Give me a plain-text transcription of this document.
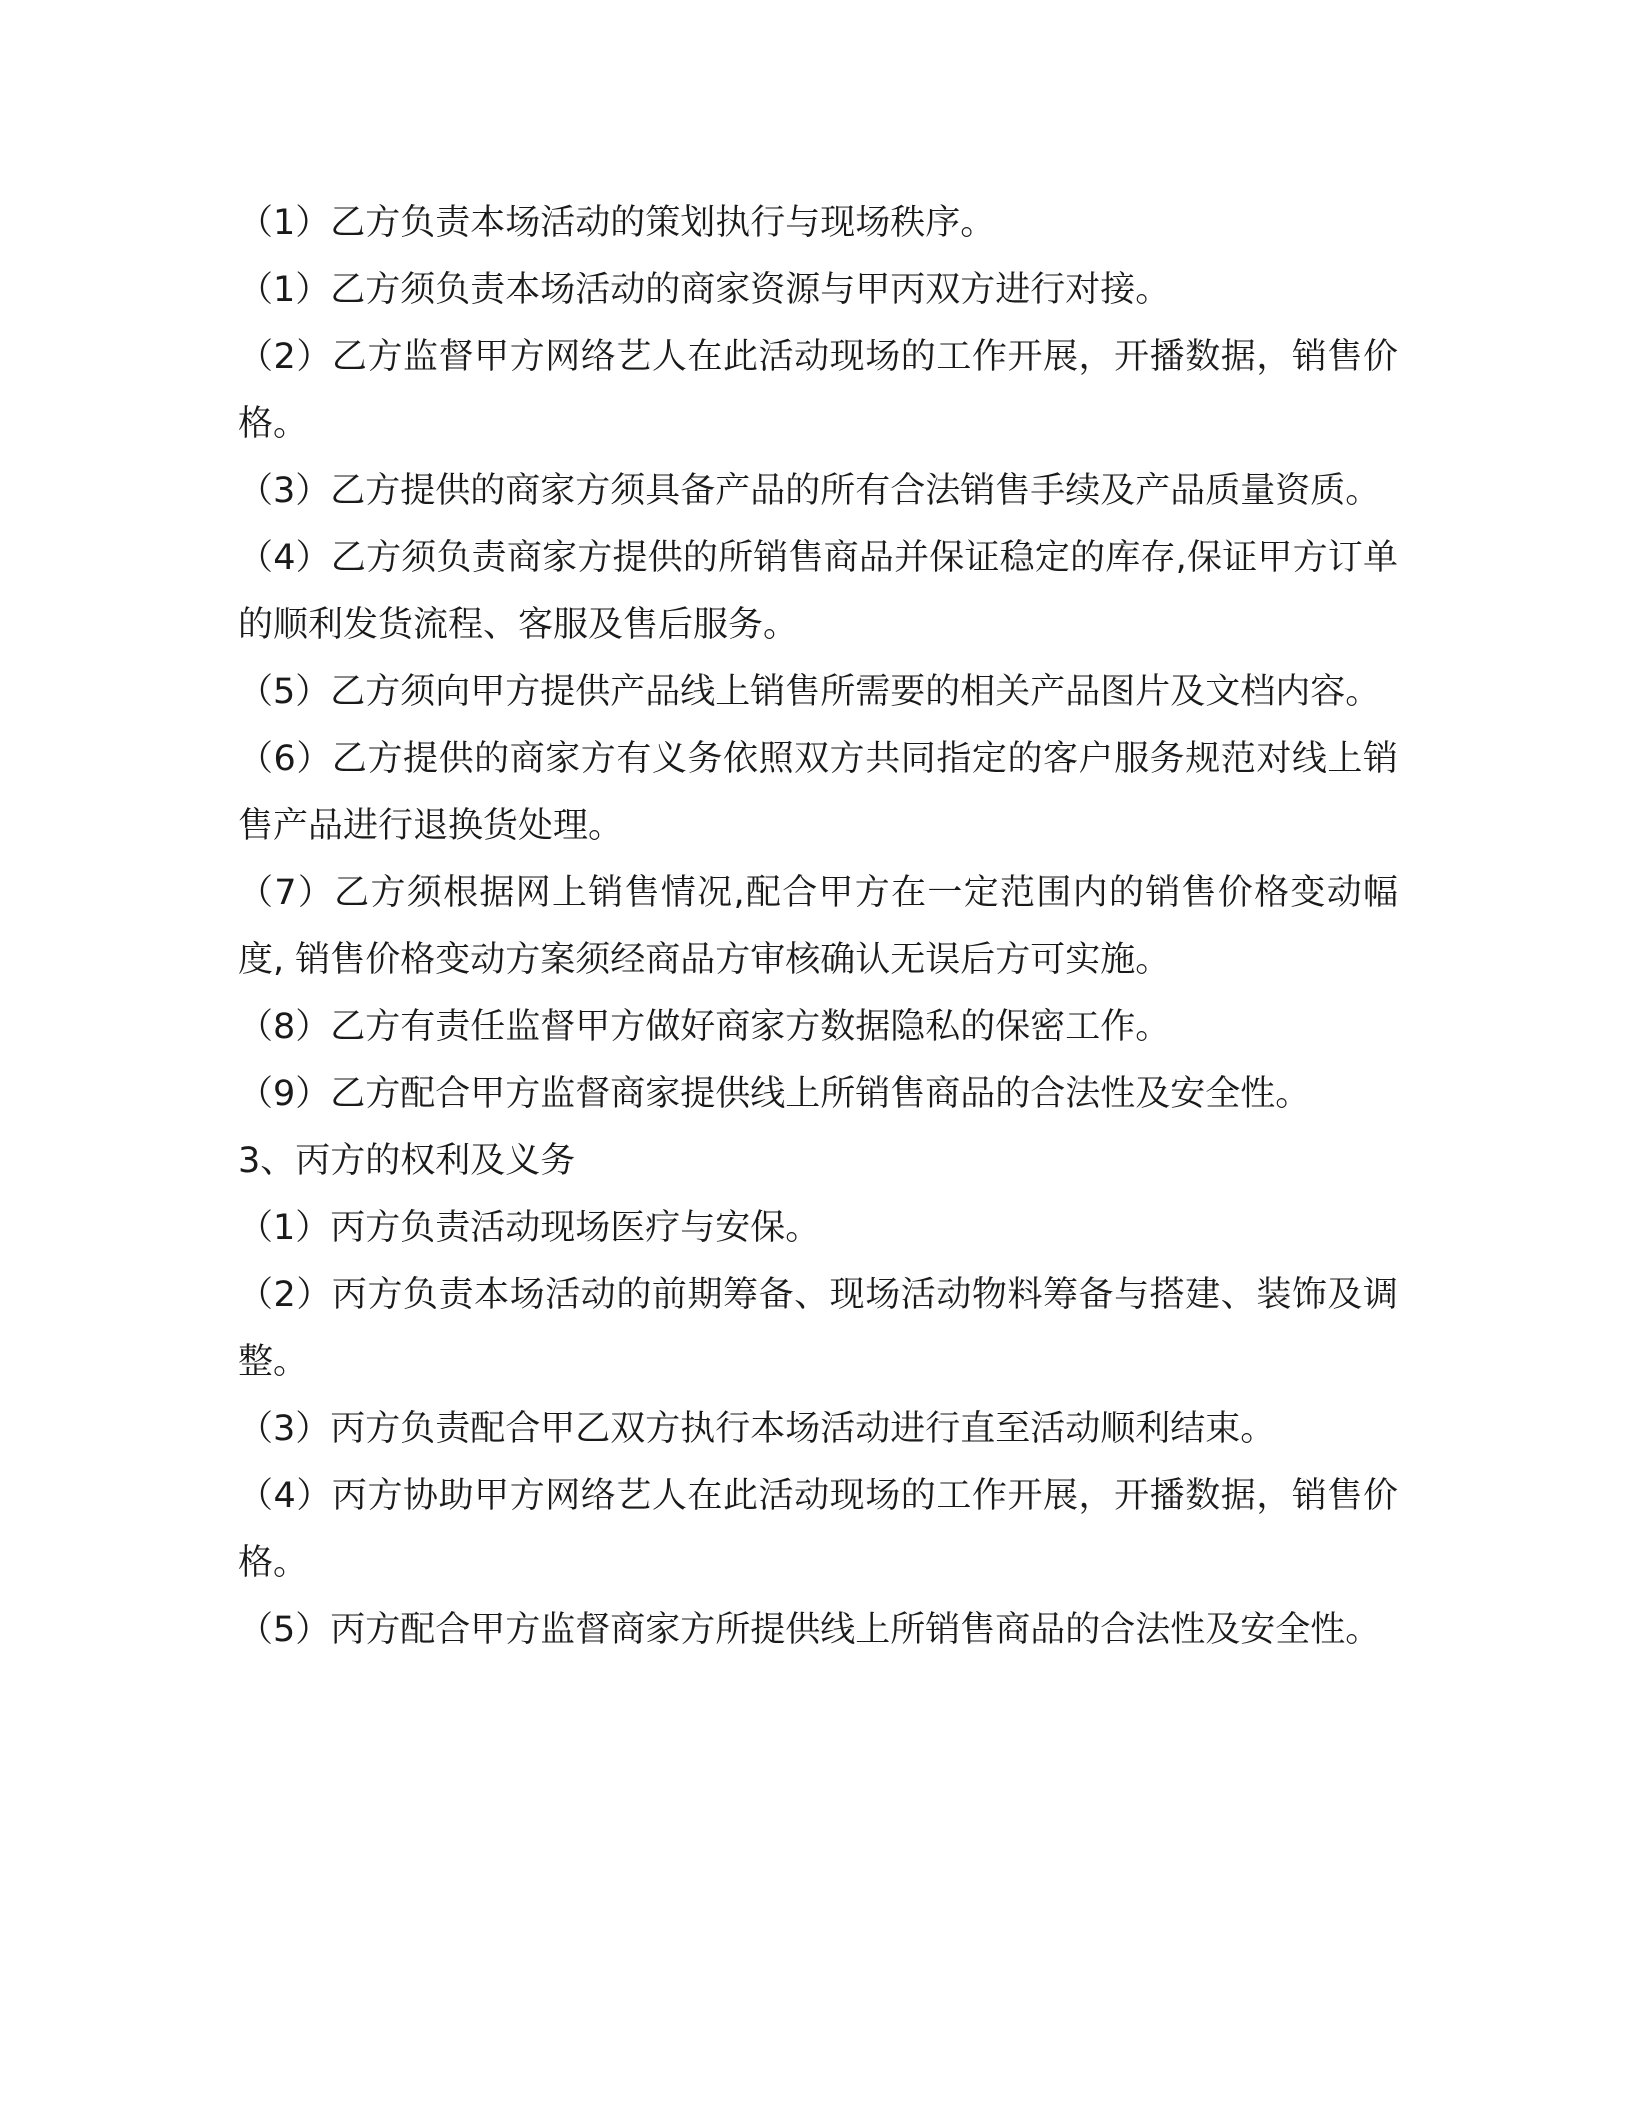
（1）乙方负责本场活动的策划执行与现场秩序。

（1）乙方须负责本场活动的商家资源与甲丙双方进行对接。

（2）乙方监督甲方网络艺人在此活动现场的工作开展，开播数据，销售价格。

（3）乙方提供的商家方须具备产品的所有合法销售手续及产品质量资质。

（4）乙方须负责商家方提供的所销售商品并保证稳定的库存,保证甲方订单的顺利发货流程、客服及售后服务。

（5）乙方须向甲方提供产品线上销售所需要的相关产品图片及文档内容。

（6）乙方提供的商家方有义务依照双方共同指定的客户服务规范对线上销售产品进行退换货处理。

（7）乙方须根据网上销售情况,配合甲方在一定范围内的销售价格变动幅度, 销售价格变动方案须经商品方审核确认无误后方可实施。

（8）乙方有责任监督甲方做好商家方数据隐私的保密工作。

（9）乙方配合甲方监督商家提供线上所销售商品的合法性及安全性。

3、丙方的权利及义务

（1）丙方负责活动现场医疗与安保。

（2）丙方负责本场活动的前期筹备、现场活动物料筹备与搭建、装饰及调整。

（3）丙方负责配合甲乙双方执行本场活动进行直至活动顺利结束。

（4）丙方协助甲方网络艺人在此活动现场的工作开展，开播数据，销售价格。

（5）丙方配合甲方监督商家方所提供线上所销售商品的合法性及安全性。
